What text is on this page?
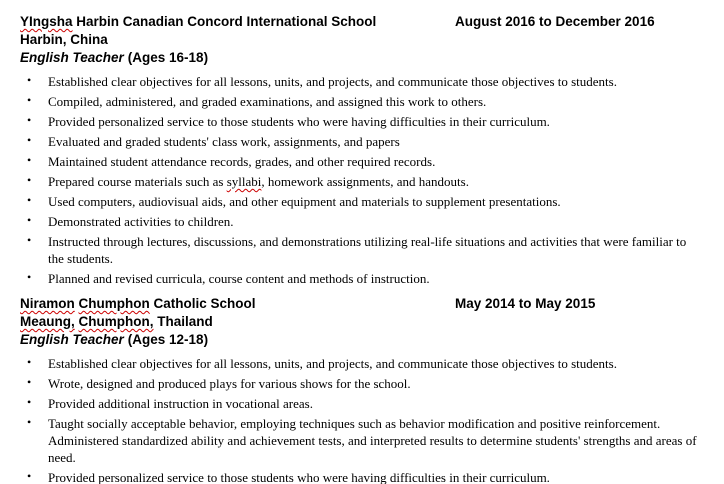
YIngsha Harbin Canadian Concord International School	August 2016 to December 2016
Harbin, China
English Teacher (Ages 16-18)
• Established clear objectives for all lessons, units, and projects, and communicate those objectives to students.
• Compiled, administered, and graded examinations, and assigned this work to others.
• Provided personalized service to those students who were having difficulties in their curriculum.
• Evaluated and graded students' class work, assignments, and papers
• Maintained student attendance records, grades, and other required records.
• Prepared course materials such as syllabi, homework assignments, and handouts.
• Used computers, audiovisual aids, and other equipment and materials to supplement presentations.
• Demonstrated activities to children.
• Instructed through lectures, discussions, and demonstrations utilizing real-life situations and activities that were familiar to the students.
• Planned and revised curricula, course content and methods of instruction.
Niramon Chumphon Catholic School	May 2014 to May 2015
Meaung, Chumphon, Thailand
English Teacher (Ages 12-18)
• Established clear objectives for all lessons, units, and projects, and communicate those objectives to students.
• Wrote, designed and produced plays for various shows for the school.
• Provided additional instruction in vocational areas.
• Taught socially acceptable behavior, employing techniques such as behavior modification and positive reinforcement. Administered standardized ability and achievement tests, and interpreted results to determine students' strengths and areas of need.
• Provided personalized service to those students who were having difficulties in their curriculum.
